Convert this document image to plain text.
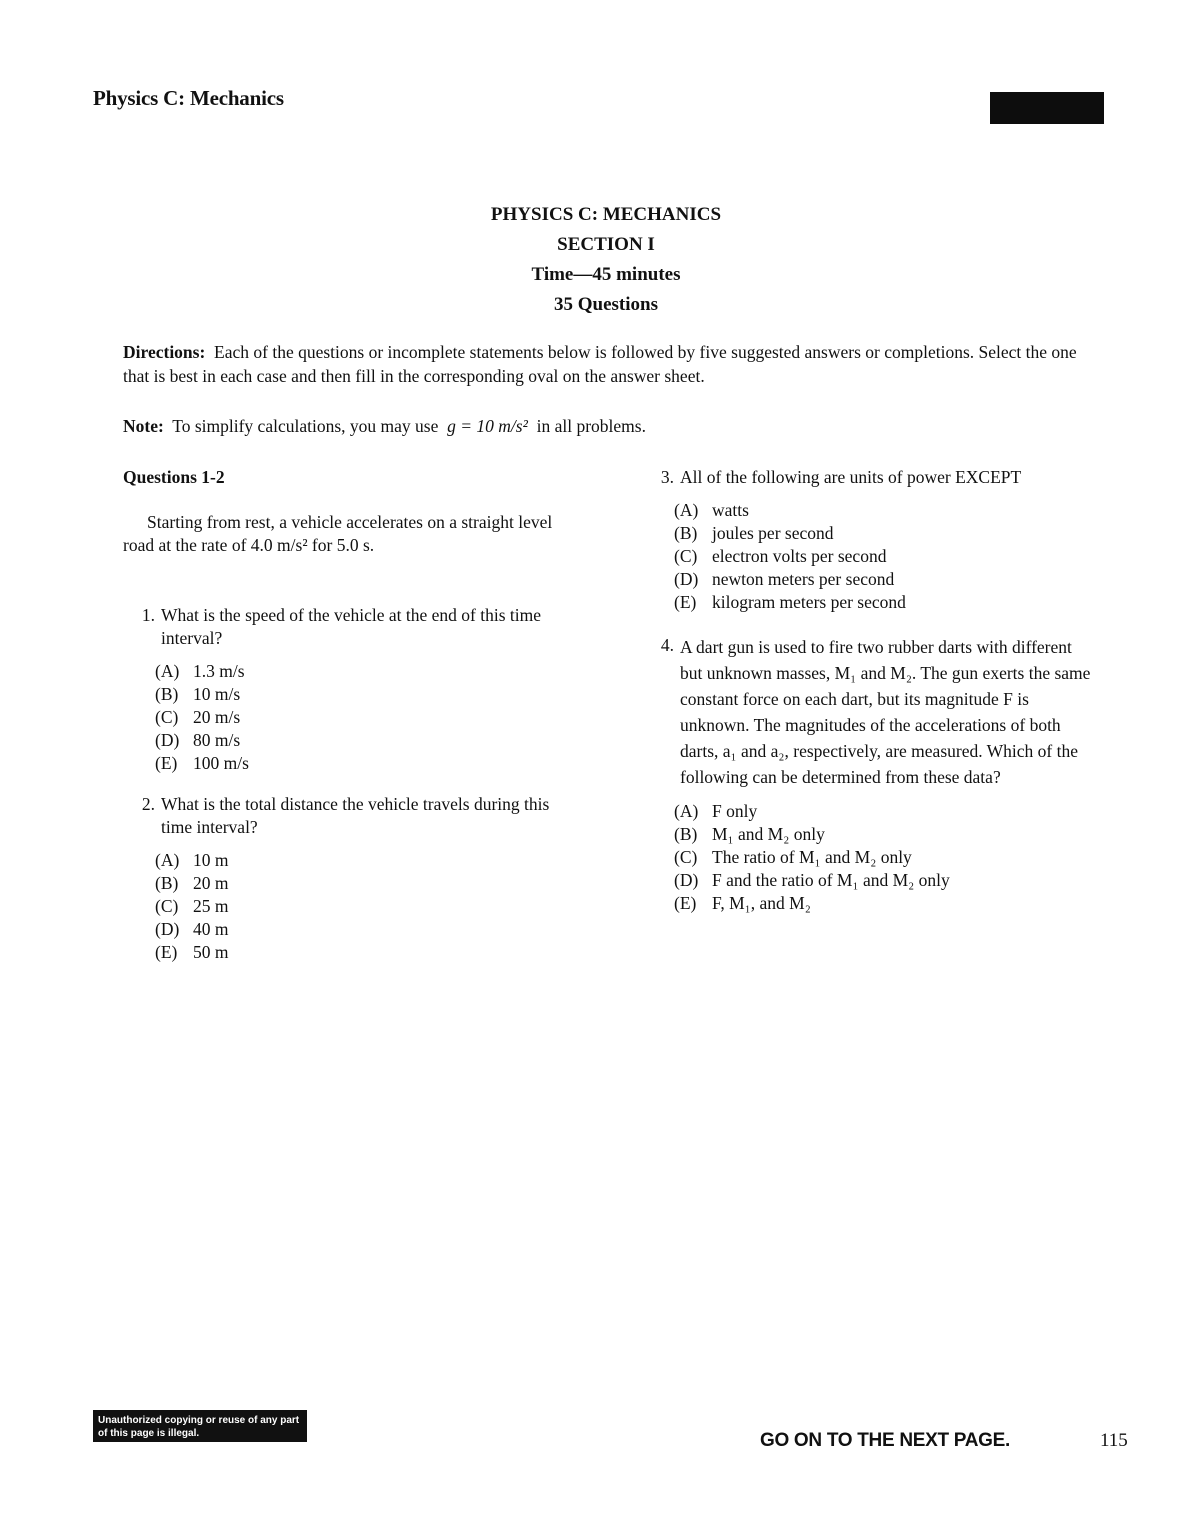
Physics C: Mechanics
PHYSICS C: MECHANICS
SECTION I
Time—45 minutes
35 Questions
Directions: Each of the questions or incomplete statements below is followed by five suggested answers or completions. Select the one that is best in each case and then fill in the corresponding oval on the answer sheet.
Note: To simplify calculations, you may use g = 10 m/s² in all problems.
Questions 1-2
Starting from rest, a vehicle accelerates on a straight level road at the rate of 4.0 m/s² for 5.0 s.
1. What is the speed of the vehicle at the end of this time interval?
(A) 1.3 m/s
(B) 10 m/s
(C) 20 m/s
(D) 80 m/s
(E) 100 m/s
2. What is the total distance the vehicle travels during this time interval?
(A) 10 m
(B) 20 m
(C) 25 m
(D) 40 m
(E) 50 m
3. All of the following are units of power EXCEPT
(A) watts
(B) joules per second
(C) electron volts per second
(D) newton meters per second
(E) kilogram meters per second
4. A dart gun is used to fire two rubber darts with different but unknown masses, M₁ and M₂. The gun exerts the same constant force on each dart, but its magnitude F is unknown. The magnitudes of the accelerations of both darts, a₁ and a₂, respectively, are measured. Which of the following can be determined from these data?
(A) F only
(B) M₁ and M₂ only
(C) The ratio of M₁ and M₂ only
(D) F and the ratio of M₁ and M₂ only
(E) F, M₁, and M₂
Unauthorized copying or reuse of any part of this page is illegal.	GO ON TO THE NEXT PAGE.	115
